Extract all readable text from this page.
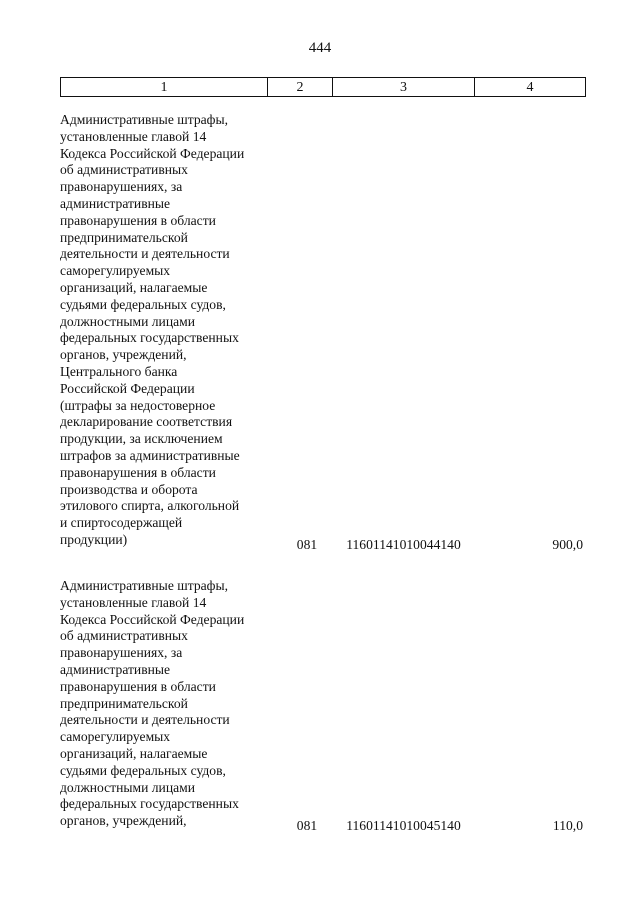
444
1	2	3	4

Административные штрафы,
установленные главой 14
Кодекса Российской Федерации
об административных
правонарушениях, за
административные
правонарушения в области
предпринимательской
деятельности и деятельности
саморегулируемых
организаций, налагаемые
судьями федеральных судов,
должностными лицами
федеральных государственных
органов, учреждений,
Центрального банка
Российской Федерации
(штрафы за недостоверное
декларирование соответствия
продукции, за исключением
штрафов за административные
правонарушения в области
производства и оборота
этилового спирта, алкогольной
и спиртосодержащей
продукции)	081	11601141010044140	900,0

Административные штрафы,
установленные главой 14
Кодекса Российской Федерации
об административных
правонарушениях, за
административные
правонарушения в области
предпринимательской
деятельности и деятельности
саморегулируемых
организаций, налагаемые
судьями федеральных судов,
должностными лицами
федеральных государственных
органов, учреждений,	081	11601141010045140	110,0
